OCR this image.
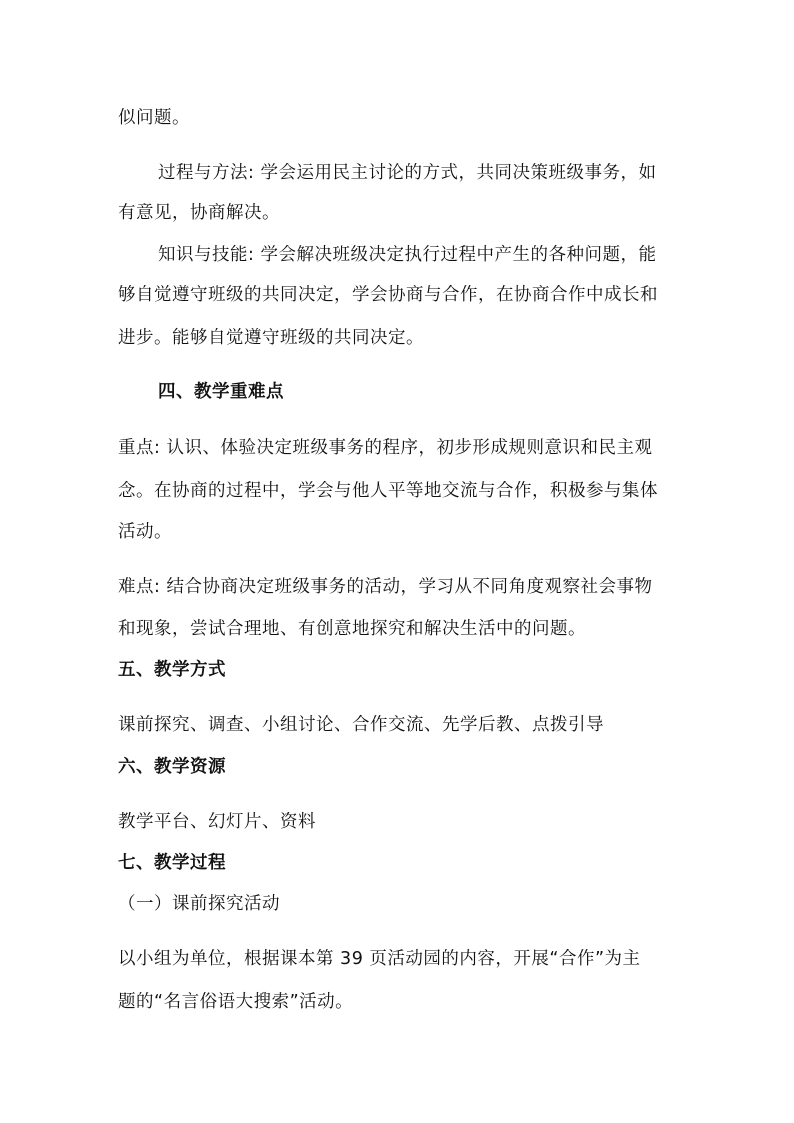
似问题。
过程与方法: 学会运用民主讨论的方式，共同决策班级事务，如
有意见，协商解决。
知识与技能: 学会解决班级决定执行过程中产生的各种问题，能
够自觉遵守班级的共同决定，学会协商与合作，在协商合作中成长和
进步。能够自觉遵守班级的共同决定。
四、教学重难点
重点: 认识、体验决定班级事务的程序，初步形成规则意识和民主观
念。在协商的过程中，学会与他人平等地交流与合作，积极参与集体
活动。
难点: 结合协商决定班级事务的活动，学习从不同角度观察社会事物
和现象，尝试合理地、有创意地探究和解决生活中的问题。
五、教学方式
课前探究、调查、小组讨论、合作交流、先学后教、点拨引导
六、教学资源
教学平台、幻灯片、资料
七、教学过程
（一）课前探究活动
以小组为单位，根据课本第 39 页活动园的内容，开展“合作”为主
题的“名言俗语大搜索”活动。
